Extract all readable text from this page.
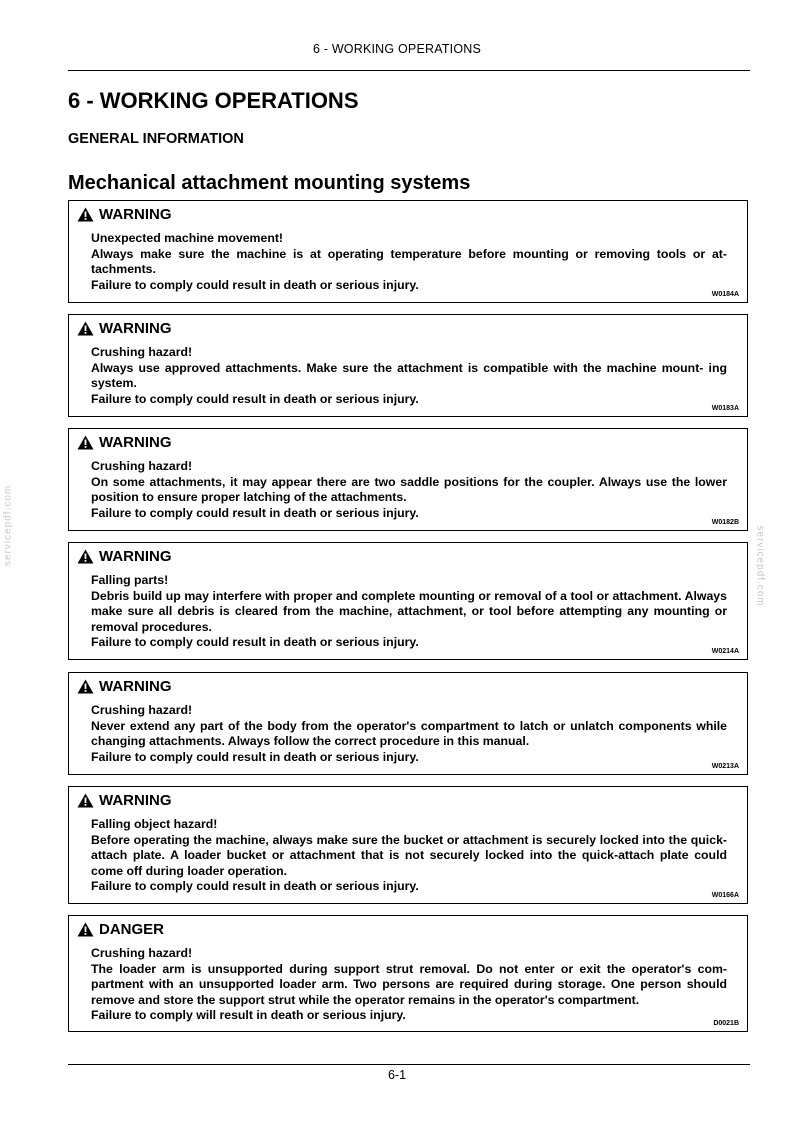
6 - WORKING OPERATIONS
6 - WORKING OPERATIONS
GENERAL INFORMATION
Mechanical attachment mounting systems
WARNING

Unexpected machine movement!

Always make sure the machine is at operating temperature before mounting or removing tools or at- tachments.

Failure to comply could result in death or serious injury.

W0184A
WARNING

Crushing hazard!

Always use approved attachments. Make sure the attachment is compatible with the machine mount- ing system.

Failure to comply could result in death or serious injury.

W0183A
WARNING

Crushing hazard!

On some attachments, it may appear there are two saddle positions for the coupler. Always use the lower position to ensure proper latching of the attachments.

Failure to comply could result in death or serious injury.

W0182B
WARNING

Falling parts!

Debris build up may interfere with proper and complete mounting or removal of a tool or attachment. Always make sure all debris is cleared from the machine, attachment, or tool before attempting any mounting or removal procedures.

Failure to comply could result in death or serious injury.

W0214A
WARNING

Crushing hazard!

Never extend any part of the body from the operator's compartment to latch or unlatch components while changing attachments. Always follow the correct procedure in this manual.

Failure to comply could result in death or serious injury.

W0213A
WARNING

Falling object hazard!

Before operating the machine, always make sure the bucket or attachment is securely locked into the quick-attach plate. A loader bucket or attachment that is not securely locked into the quick-attach plate could come off during loader operation.

Failure to comply could result in death or serious injury.

W0166A
DANGER

Crushing hazard!

The loader arm is unsupported during support strut removal. Do not enter or exit the operator's com- partment with an unsupported loader arm. Two persons are required during storage. One person should remove and store the support strut while the operator remains in the operator's compartment.

Failure to comply will result in death or serious injury.

D0021B
6-1
servicepdf.com
servicepdf.com
